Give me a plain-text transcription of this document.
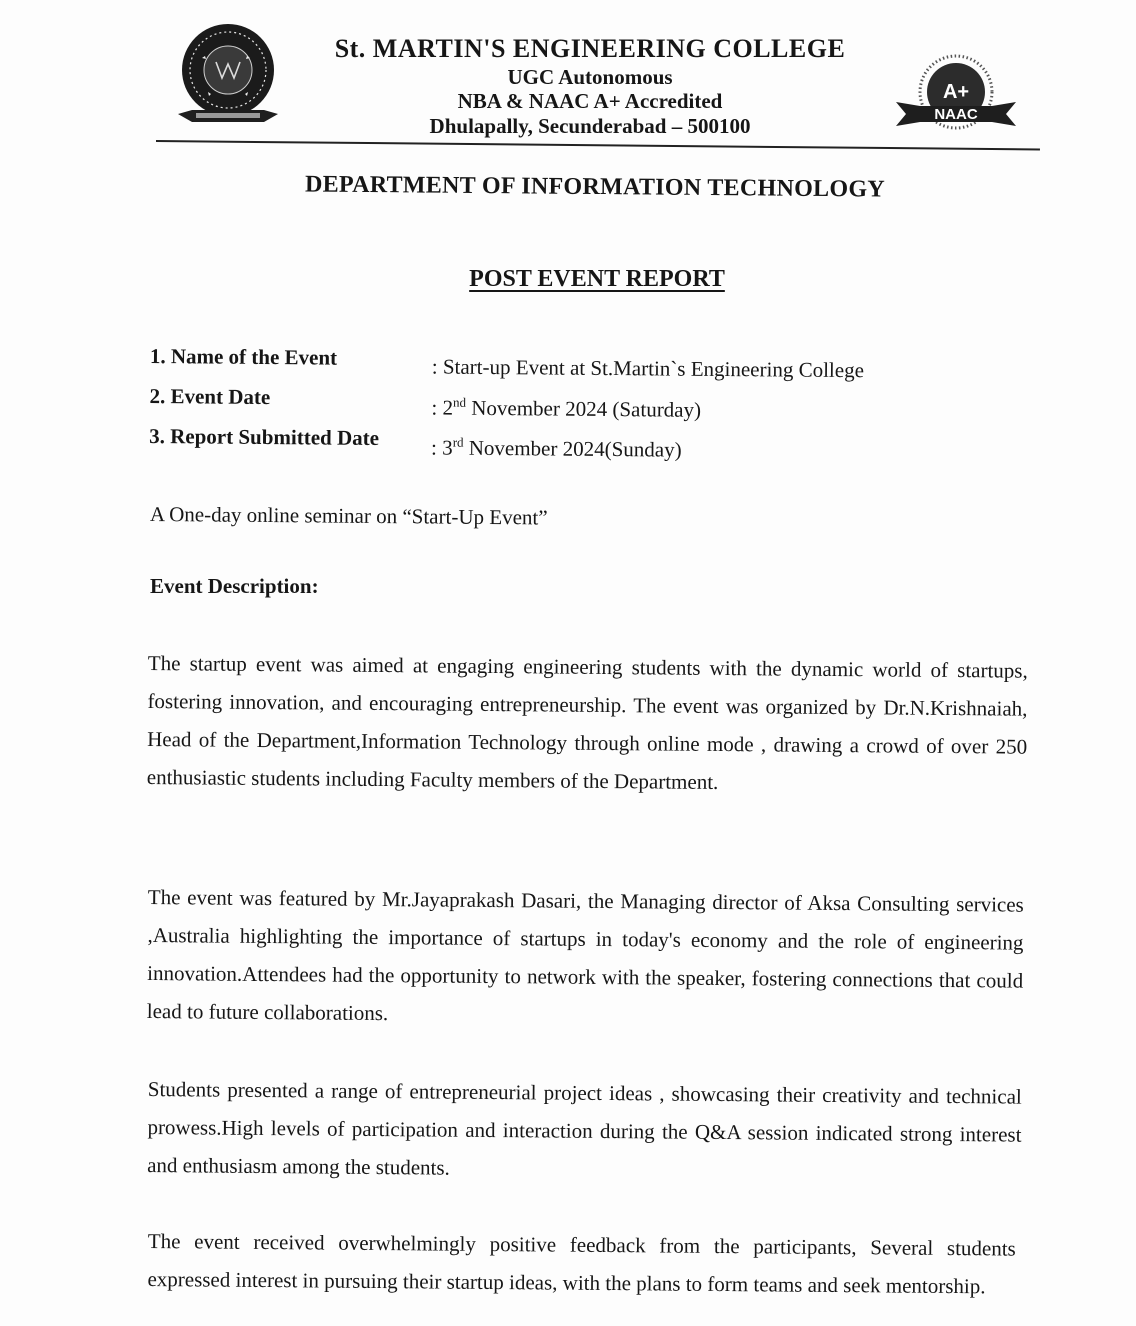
St. MARTIN'S ENGINEERING COLLEGE
UGC Autonomous
NBA & NAAC A+ Accredited
Dhulapally, Secunderabad – 500100
A+
NAAC
DEPARTMENT OF INFORMATION TECHNOLOGY
POST EVENT REPORT
1. Name of the Event	: Start-up Event at St.Martin`s Engineering College
2. Event Date	: 2nd November 2024 (Saturday)
3. Report Submitted Date : 3rd November 2024(Sunday)
A One-day online seminar on “Start-Up Event”
Event Description:
The startup event was aimed at engaging engineering students with the dynamic world of startups, fostering innovation, and encouraging entrepreneurship. The event was organized by Dr.N.Krishnaiah, Head of the Department,Information Technology through online mode , drawing a crowd of over 250 enthusiastic students including Faculty members of the Department.
The event was featured by Mr.Jayaprakash Dasari, the Managing director of Aksa Consulting services ,Australia highlighting the importance of startups in today's economy and the role of engineering innovation.Attendees had the opportunity to network with the speaker, fostering connections that could lead to future collaborations.
Students presented a range of entrepreneurial project ideas , showcasing their creativity and technical prowess.High levels of participation and interaction during the Q&A session indicated strong interest and enthusiasm among the students.
The event received overwhelmingly positive feedback from the participants, Several students expressed interest in pursuing their startup ideas, with the plans to form teams and seek mentorship.
